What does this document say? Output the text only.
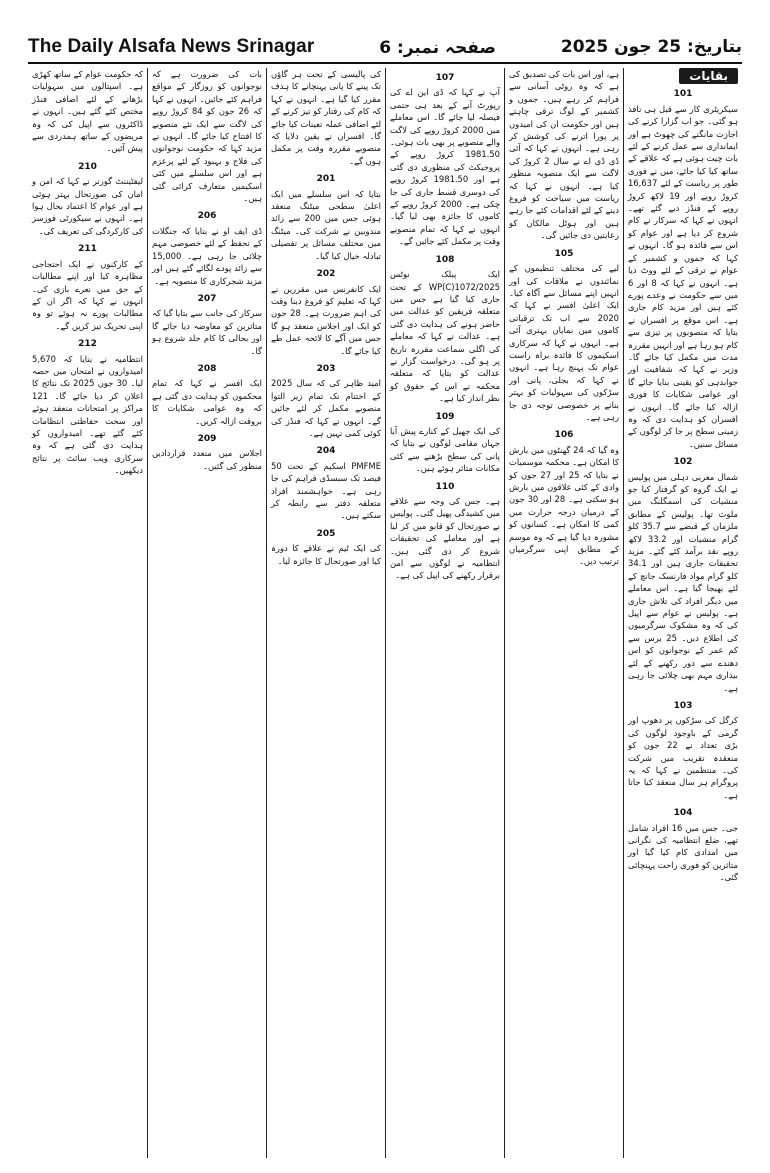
The Daily Alsafa News Srinagar	صفحہ نمبر: 6	بتاریخ: 25 جون 2025
بقایات
101
سیکریٹری کار سے قبل ہی نافذ ہو گئی۔ جو اب گزارا کرنے کی اجازت مانگنے کی چھوٹ ہے اور ایمانداری سے عمل کرنے کے لئے بات چیت ہوئی ہے کہ علاقے کے ساتھ کیا کیا جائے، میں نے فوری طور پر ریاست کے لئے 16,637 کروڑ روپے اور 19 لاکھ کروڑ روپے کے فنڈز دیے گئے تھے۔ انہوں نے کہا کہ سرکار نے کام شروع کر دیا ہے اور عوام کو اس سے فائدہ ہو گا۔ انہوں نے کہا کہ جموں و کشمیر کے عوام نے ترقی کے لئے ووٹ دیا ہے۔ انہوں نے کہا کہ 8 اور 6 میں سے حکومت نے وعدے پورے کئے ہیں اور مزید کام جاری ہے۔ اس موقع پر افسران نے بتایا کہ منصوبوں پر تیزی سے کام ہو رہا ہے اور انہیں مقررہ مدت میں مکمل کیا جائے گا۔ وزیر نے کہا کہ شفافیت اور جوابدہی کو یقینی بنایا جائے گا اور عوامی شکایات کا فوری ازالہ کیا جائے گا۔ انہوں نے افسران کو ہدایت دی کہ وہ زمینی سطح پر جا کر لوگوں کے مسائل سنیں۔
102
شمال مغربی دہلی میں پولیس نے ایک گروہ کو گرفتار کیا جو منشیات کی اسمگلنگ میں ملوث تھا۔ پولیس کے مطابق ملزمان کے قبضے سے 35.7 کلو گرام منشیات اور 33.2 لاکھ روپے نقد برآمد کئے گئے۔ مزید تحقیقات جاری ہیں اور 34.1 کلو گرام مواد فارنسک جانچ کے لئے بھیجا گیا ہے۔ اس معاملے میں دیگر افراد کی تلاش جاری ہے۔ پولیس نے عوام سے اپیل کی کہ وہ مشکوک سرگرمیوں کی اطلاع دیں۔ 25 برس سے کم عمر کے نوجوانوں کو اس دھندے سے دور رکھنے کے لئے بیداری مہم بھی چلائی جا رہی ہے۔
103
کرگل کی سڑکوں پر دھوپ اور گرمی کے باوجود لوگوں کی بڑی تعداد نے 22 جون کو منعقدہ تقریب میں شرکت کی۔ منتظمین نے کہا کہ یہ پروگرام ہر سال منعقد کیا جاتا ہے۔
104
جی۔ جس میں 16 افراد شامل تھے، ضلع انتظامیہ کی نگرانی میں امدادی کام کیا گیا اور متاثرین کو فوری راحت پہنچائی گئی۔
ہے، اور اس بات کی تصدیق کی ہے کہ وہ روٹی آسانی سے فراہم کر رہے ہیں۔ جموں و کشمیر کے لوگ ترقی چاہتے ہیں اور حکومت ان کی امیدوں پر پورا اترنے کی کوشش کر رہی ہے۔ انہوں نے کہا کہ آئی ڈی ڈی اے نے سال 2 کروڑ کی لاگت سے ایک منصوبہ منظور کیا ہے۔ انہوں نے کہا کہ ریاست میں سیاحت کو فروغ دینے کے لئے اقدامات کئے جا رہے ہیں اور ہوٹل مالکان کو رعایتیں دی جائیں گی۔
105
لیے کی مختلف تنظیموں کے نمائندوں نے ملاقات کی اور انہیں اپنے مسائل سے آگاہ کیا۔ ایک اعلیٰ افسر نے کہا کہ 2020 سے اب تک ترقیاتی کاموں میں نمایاں بہتری آئی ہے۔ انہوں نے کہا کہ سرکاری اسکیموں کا فائدہ براہ راست عوام تک پہنچ رہا ہے۔ انہوں نے کہا کہ بجلی، پانی اور سڑکوں کی سہولیات کو بہتر بنانے پر خصوصی توجہ دی جا رہی ہے۔
106
وہ گیا کہ 24 گھنٹوں میں بارش کا امکان ہے۔ محکمہ موسمیات نے بتایا کہ 25 اور 27 جون کو وادی کے کئی علاقوں میں بارش ہو سکتی ہے۔ 28 اور 30 جون کے درمیان درجہ حرارت میں کمی کا امکان ہے۔ کسانوں کو مشورہ دیا گیا ہے کہ وہ موسم کے مطابق اپنی سرگرمیاں ترتیب دیں۔
107
آپ نے کہا کہ ڈی این اے کی رپورٹ آنے کے بعد ہی حتمی فیصلہ لیا جائے گا۔ اس معاملے میں 2000 کروڑ روپے کی لاگت والے منصوبے پر بھی بات ہوئی۔ 1981.50 کروڑ روپے کے پروجیکٹ کی منظوری دی گئی ہے اور 1981.50 کروڑ روپے کی دوسری قسط جاری کی جا چکی ہے۔ 2000 کروڑ روپے کے کاموں کا جائزہ بھی لیا گیا۔ انہوں نے کہا کہ تمام منصوبے وقت پر مکمل کئے جائیں گے۔
108
ایک پبلک نوٹس WP(C)1072/2025 کے تحت جاری کیا گیا ہے جس میں متعلقہ فریقین کو عدالت میں حاضر ہونے کی ہدایت دی گئی ہے۔ عدالت نے کہا کہ معاملے کی اگلی سماعت مقررہ تاریخ پر ہو گی۔ درخواست گزار نے عدالت کو بتایا کہ متعلقہ محکمہ نے اس کے حقوق کو نظر انداز کیا ہے۔
109
کی ایک جھیل کے کنارے پیش آیا جہاں مقامی لوگوں نے بتایا کہ پانی کی سطح بڑھنے سے کئی مکانات متاثر ہوئے ہیں۔
110
ہے۔ جس کی وجہ سے علاقے میں کشیدگی پھیل گئی۔ پولیس نے صورتحال کو قابو میں کر لیا ہے اور معاملے کی تحقیقات شروع کر دی گئی ہیں۔ انتظامیہ نے لوگوں سے امن برقرار رکھنے کی اپیل کی ہے۔
کی پالیسی کے تحت ہر گاؤں تک پینے کا پانی پہنچانے کا ہدف مقرر کیا گیا ہے۔ انہوں نے کہا کہ کام کی رفتار کو تیز کرنے کے لئے اضافی عملہ تعینات کیا جائے گا۔ افسران نے یقین دلایا کہ منصوبے مقررہ وقت پر مکمل ہوں گے۔
201
بتایا کہ اس سلسلے میں ایک اعلیٰ سطحی میٹنگ منعقد ہوئی جس میں 200 سے زائد مندوبین نے شرکت کی۔ میٹنگ میں مختلف مسائل پر تفصیلی تبادلہ خیال کیا گیا۔
202
ایک کانفرنس میں مقررین نے کہا کہ تعلیم کو فروغ دینا وقت کی اہم ضرورت ہے۔ 28 جون کو ایک اور اجلاس منعقد ہو گا جس میں آگے کا لائحہ عمل طے کیا جائے گا۔
203
امید ظاہر کی کہ سال 2025 کے اختتام تک تمام زیر التوا منصوبے مکمل کر لئے جائیں گے۔ انہوں نے کہا کہ فنڈز کی کوئی کمی نہیں ہے۔
204
PMFME اسکیم کے تحت 50 فیصد تک سبسڈی فراہم کی جا رہی ہے۔ خواہشمند افراد متعلقہ دفتر سے رابطہ کر سکتے ہیں۔
205
کی ایک ٹیم نے علاقے کا دورہ کیا اور صورتحال کا جائزہ لیا۔
بات کی ضرورت ہے کہ نوجوانوں کو روزگار کے مواقع فراہم کئے جائیں۔ انہوں نے کہا کہ 26 جون کو 84 کروڑ روپے کی لاگت سے ایک نئے منصوبے کا افتتاح کیا جائے گا۔ انہوں نے مزید کہا کہ حکومت نوجوانوں کی فلاح و بہبود کے لئے پرعزم ہے اور اس سلسلے میں کئی اسکیمیں متعارف کرائی گئی ہیں۔
206
ڈی ایف او نے بتایا کہ جنگلات کے تحفظ کے لئے خصوصی مہم چلائی جا رہی ہے۔ 15,000 سے زائد پودے لگائے گئے ہیں اور مزید شجرکاری کا منصوبہ ہے۔
207
سرکار کی جانب سے بتایا گیا کہ متاثرین کو معاوضہ دیا جائے گا اور بحالی کا کام جلد شروع ہو گا۔
208
ایک افسر نے کہا کہ تمام محکموں کو ہدایت دی گئی ہے کہ وہ عوامی شکایات کا بروقت ازالہ کریں۔
209
اجلاس میں متعدد قراردادیں منظور کی گئیں۔
کہ حکومت عوام کے ساتھ کھڑی ہے۔ اسپتالوں میں سہولیات بڑھانے کے لئے اضافی فنڈز مختص کئے گئے ہیں۔ انہوں نے ڈاکٹروں سے اپیل کی کہ وہ مریضوں کے ساتھ ہمدردی سے پیش آئیں۔
210
لیفٹیننٹ گورنر نے کہا کہ امن و امان کی صورتحال بہتر ہوئی ہے اور عوام کا اعتماد بحال ہوا ہے۔ انہوں نے سیکورٹی فورسز کی کارکردگی کی تعریف کی۔
211
کے کارکنوں نے ایک احتجاجی مظاہرہ کیا اور اپنے مطالبات کے حق میں نعرے بازی کی۔ انہوں نے کہا کہ اگر ان کے مطالبات پورے نہ ہوئے تو وہ اپنی تحریک تیز کریں گے۔
212
انتظامیہ نے بتایا کہ 5,670 امیدواروں نے امتحان میں حصہ لیا۔ 30 جون 2025 تک نتائج کا اعلان کر دیا جائے گا۔ 121 مراکز پر امتحانات منعقد ہوئے اور سخت حفاظتی انتظامات کئے گئے تھے۔ امیدواروں کو ہدایت دی گئی ہے کہ وہ سرکاری ویب سائٹ پر نتائج دیکھیں۔
